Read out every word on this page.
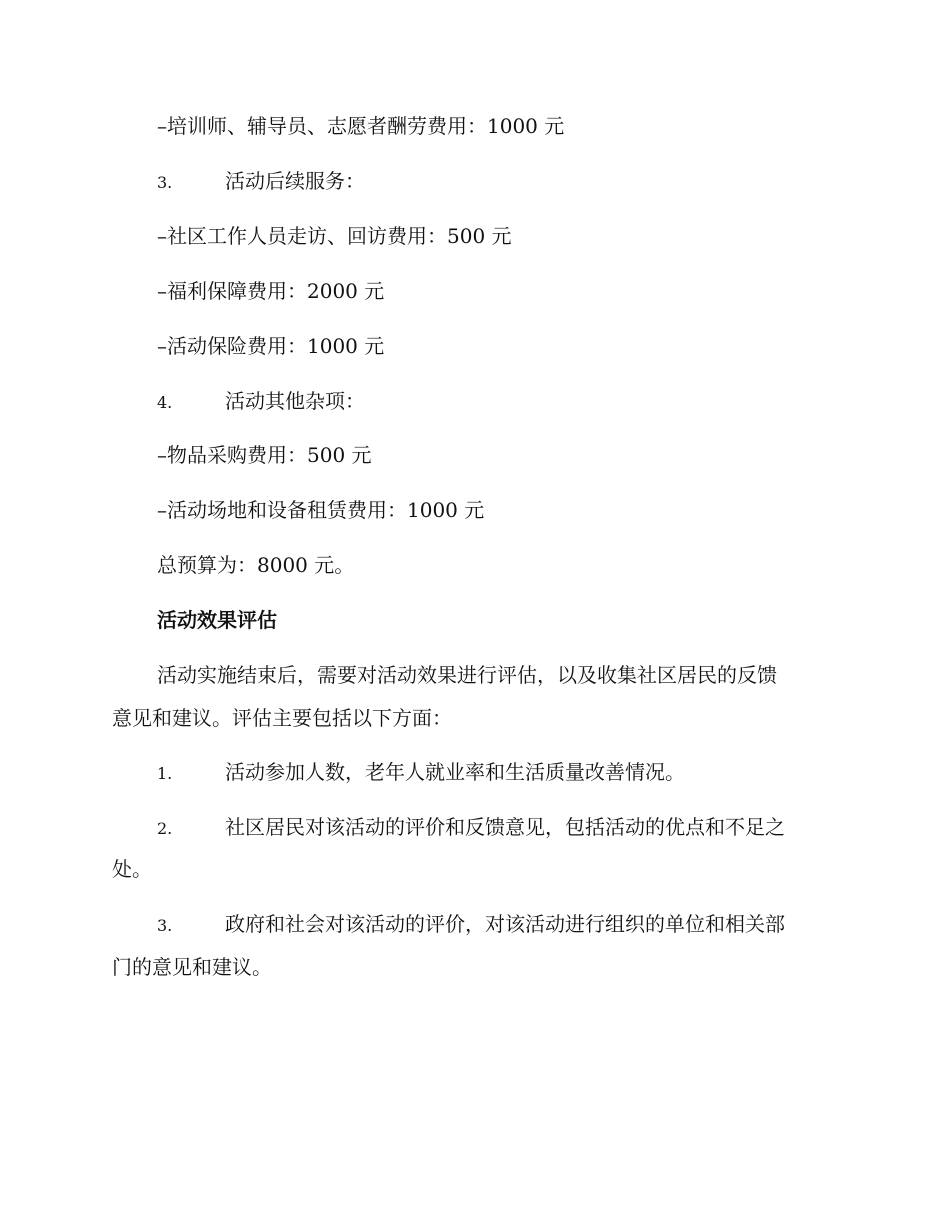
–培训师、辅导员、志愿者酬劳费用：1000 元
3.	活动后续服务：
–社区工作人员走访、回访费用：500 元
–福利保障费用：2000 元
–活动保险费用：1000 元
4.	活动其他杂项：
–物品采购费用：500 元
–活动场地和设备租赁费用：1000 元
总预算为：8000 元。
活动效果评估
活动实施结束后，需要对活动效果进行评估，以及收集社区居民的反馈
意见和建议。评估主要包括以下方面：
1.	活动参加人数，老年人就业率和生活质量改善情况。
2.	社区居民对该活动的评价和反馈意见，包括活动的优点和不足之
处。
3.	政府和社会对该活动的评价，对该活动进行组织的单位和相关部
门的意见和建议。
